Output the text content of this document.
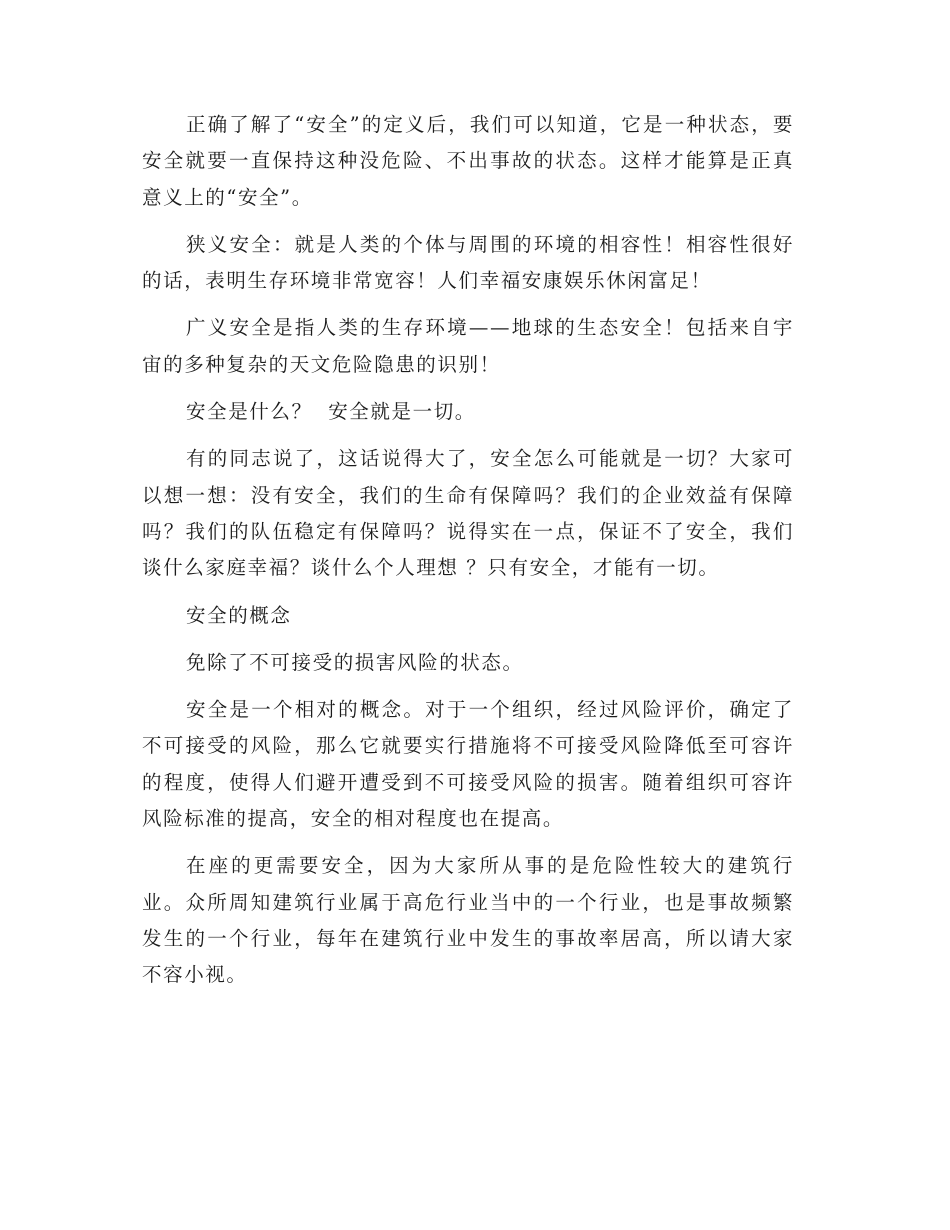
正确了解了“安全”的定义后，我们可以知道，它是一种状态，要安全就要一直保持这种没危险、不出事故的状态。这样才能算是正真意义上的“安全”。

狭义安全：就是人类的个体与周围的环境的相容性！相容性很好的话，表明生存环境非常宽容！人们幸福安康娱乐休闲富足！

广义安全是指人类的生存环境——地球的生态安全！包括来自宇宙的多种复杂的天文危险隐患的识别！

安全是什么？  安全就是一切。

有的同志说了，这话说得大了，安全怎么可能就是一切？大家可以想一想：没有安全，我们的生命有保障吗？我们的企业效益有保障吗？我们的队伍稳定有保障吗？说得实在一点，保证不了安全，我们谈什么家庭幸福？谈什么个人理想 ？只有安全，才能有一切。

安全的概念

免除了不可接受的损害风险的状态。

安全是一个相对的概念。对于一个组织，经过风险评价，确定了不可接受的风险，那么它就要实行措施将不可接受风险降低至可容许的程度，使得人们避开遭受到不可接受风险的损害。随着组织可容许风险标准的提高，安全的相对程度也在提高。

在座的更需要安全，因为大家所从事的是危险性较大的建筑行业。众所周知建筑行业属于高危行业当中的一个行业，也是事故频繁发生的一个行业，每年在建筑行业中发生的事故率居高，所以请大家不容小视。
